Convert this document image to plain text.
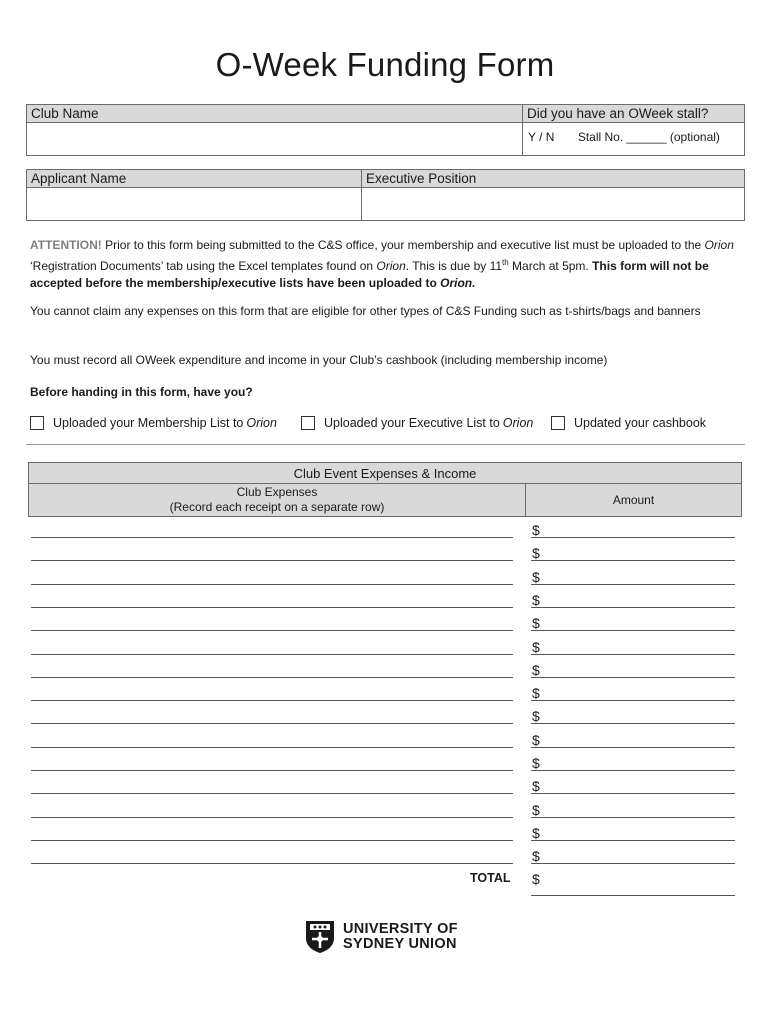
O-Week Funding Form
Club Name	Did you have an OWeek stall?
	Y / N Stall No. ______ (optional)
Applicant Name	Executive Position

ATTENTION! Prior to this form being submitted to the C&S office, your membership and executive list must be uploaded to the Orion ‘Registration Documents’ tab using the Excel templates found on Orion. This is due by 11th March at 5pm. This form will not be accepted before the membership/executive lists have been uploaded to Orion.
You cannot claim any expenses on this form that are eligible for other types of C&S Funding such as t-shirts/bags and banners
You must record all OWeek expenditure and income in your Club’s cashbook (including membership income)
Before handing in this form, have you?
Uploaded your Membership List to Orion	Uploaded your Executive List to Orion	Updated your cashbook
Club Event Expenses & Income

Club Expenses
(Record each receipt on a separate row)	Amount
$
$
$
$
$
$
$
$
$
$
$
$
$
$
$
TOTAL $
UNIVERSITY OF
SYDNEY UNION
